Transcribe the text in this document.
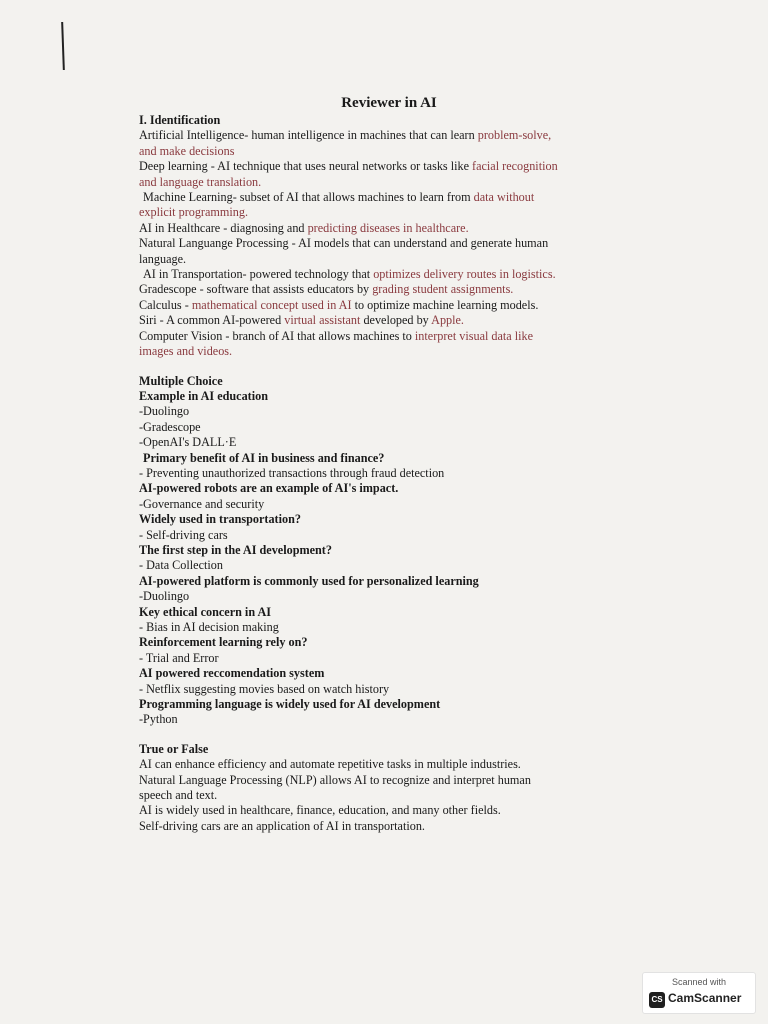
Reviewer in AI
I. Identification
Artificial Intelligence- human intelligence in machines that can learn problem-solve,
and make decisions
Deep learning - AI technique that uses neural networks or tasks like facial recognition
and language translation.
Machine Learning- subset of AI that allows machines to learn from data without
explicit programming.
AI in Healthcare - diagnosing and predicting diseases in healthcare.
Natural Languange Processing - AI models that can understand and generate human
language.
AI in Transportation- powered technology that optimizes delivery routes in logistics.
Gradescope - software that assists educators by grading student assignments.
Calculus - mathematical concept used in AI to optimize machine learning models.
Siri - A common AI-powered virtual assistant developed by Apple.
Computer Vision - branch of AI that allows machines to interpret visual data like
images and videos.
Multiple Choice
Example in AI education
-Duolingo
-Gradescope
-OpenAI's DALL·E
Primary benefit of AI in business and finance?
- Preventing unauthorized transactions through fraud detection
AI-powered robots are an example of AI's impact.
-Governance and security
Widely used in transportation?
- Self-driving cars
The first step in the AI development?
- Data Collection
AI-powered platform is commonly used for personalized learning
-Duolingo
Key ethical concern in AI
- Bias in AI decision making
Reinforcement learning rely on?
- Trial and Error
AI powered reccomendation system
- Netflix suggesting movies based on watch history
Programming language is widely used for AI development
-Python
True or False
AI can enhance efficiency and automate repetitive tasks in multiple industries.
Natural Language Processing (NLP) allows AI to recognize and interpret human
speech and text.
AI is widely used in healthcare, finance, education, and many other fields.
Self-driving cars are an application of AI in transportation.
Scanned with
CS CamScanner
